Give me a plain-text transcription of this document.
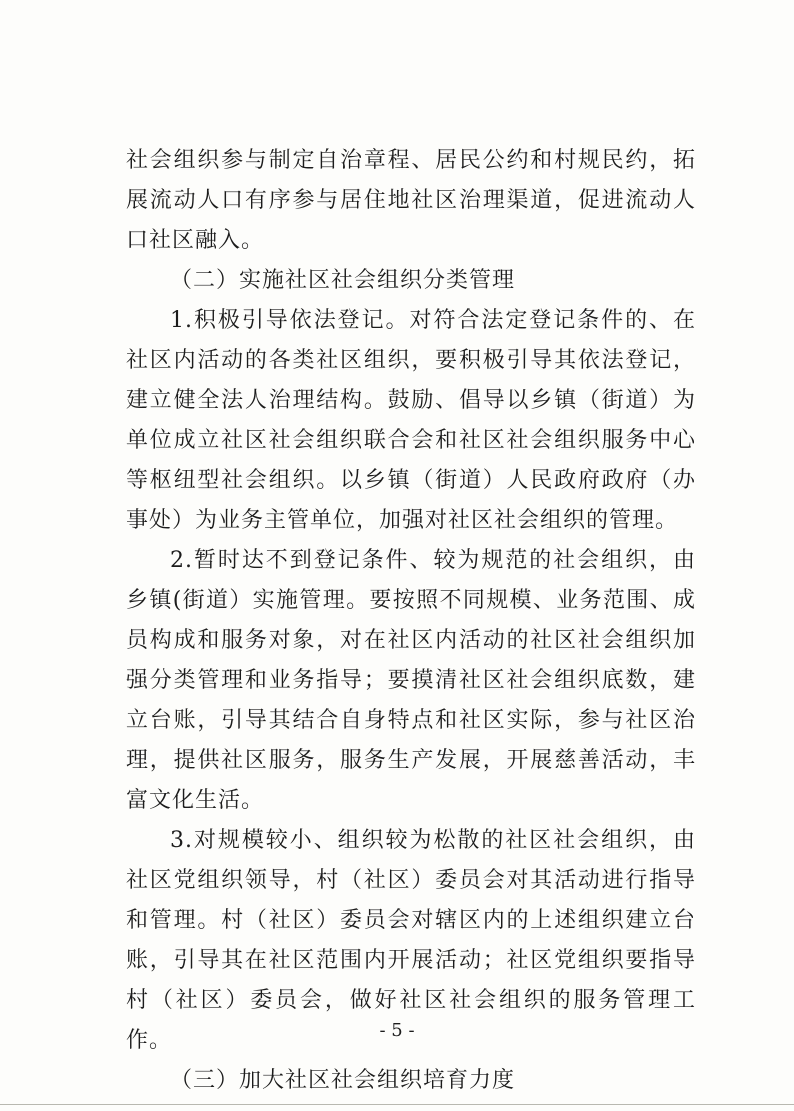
社会组织参与制定自治章程、居民公约和村规民约，拓展流动人口有序参与居住地社区治理渠道，促进流动人口社区融入。

（二）实施社区社会组织分类管理

1.积极引导依法登记。对符合法定登记条件的、在社区内活动的各类社区组织，要积极引导其依法登记，建立健全法人治理结构。鼓励、倡导以乡镇（街道）为单位成立社区社会组织联合会和社区社会组织服务中心等枢纽型社会组织。以乡镇（街道）人民政府政府（办事处）为业务主管单位，加强对社区社会组织的管理。

2.暂时达不到登记条件、较为规范的社会组织，由乡镇(街道）实施管理。要按照不同规模、业务范围、成员构成和服务对象，对在社区内活动的社区社会组织加强分类管理和业务指导；要摸清社区社会组织底数，建立台账，引导其结合自身特点和社区实际，参与社区治理，提供社区服务，服务生产发展，开展慈善活动，丰富文化生活。

3.对规模较小、组织较为松散的社区社会组织，由社区党组织领导，村（社区）委员会对其活动进行指导和管理。村（社区）委员会对辖区内的上述组织建立台账，引导其在社区范围内开展活动；社区党组织要指导村（社区）委员会，做好社区社会组织的服务管理工作。

（三）加大社区社会组织培育力度

- 5 -
